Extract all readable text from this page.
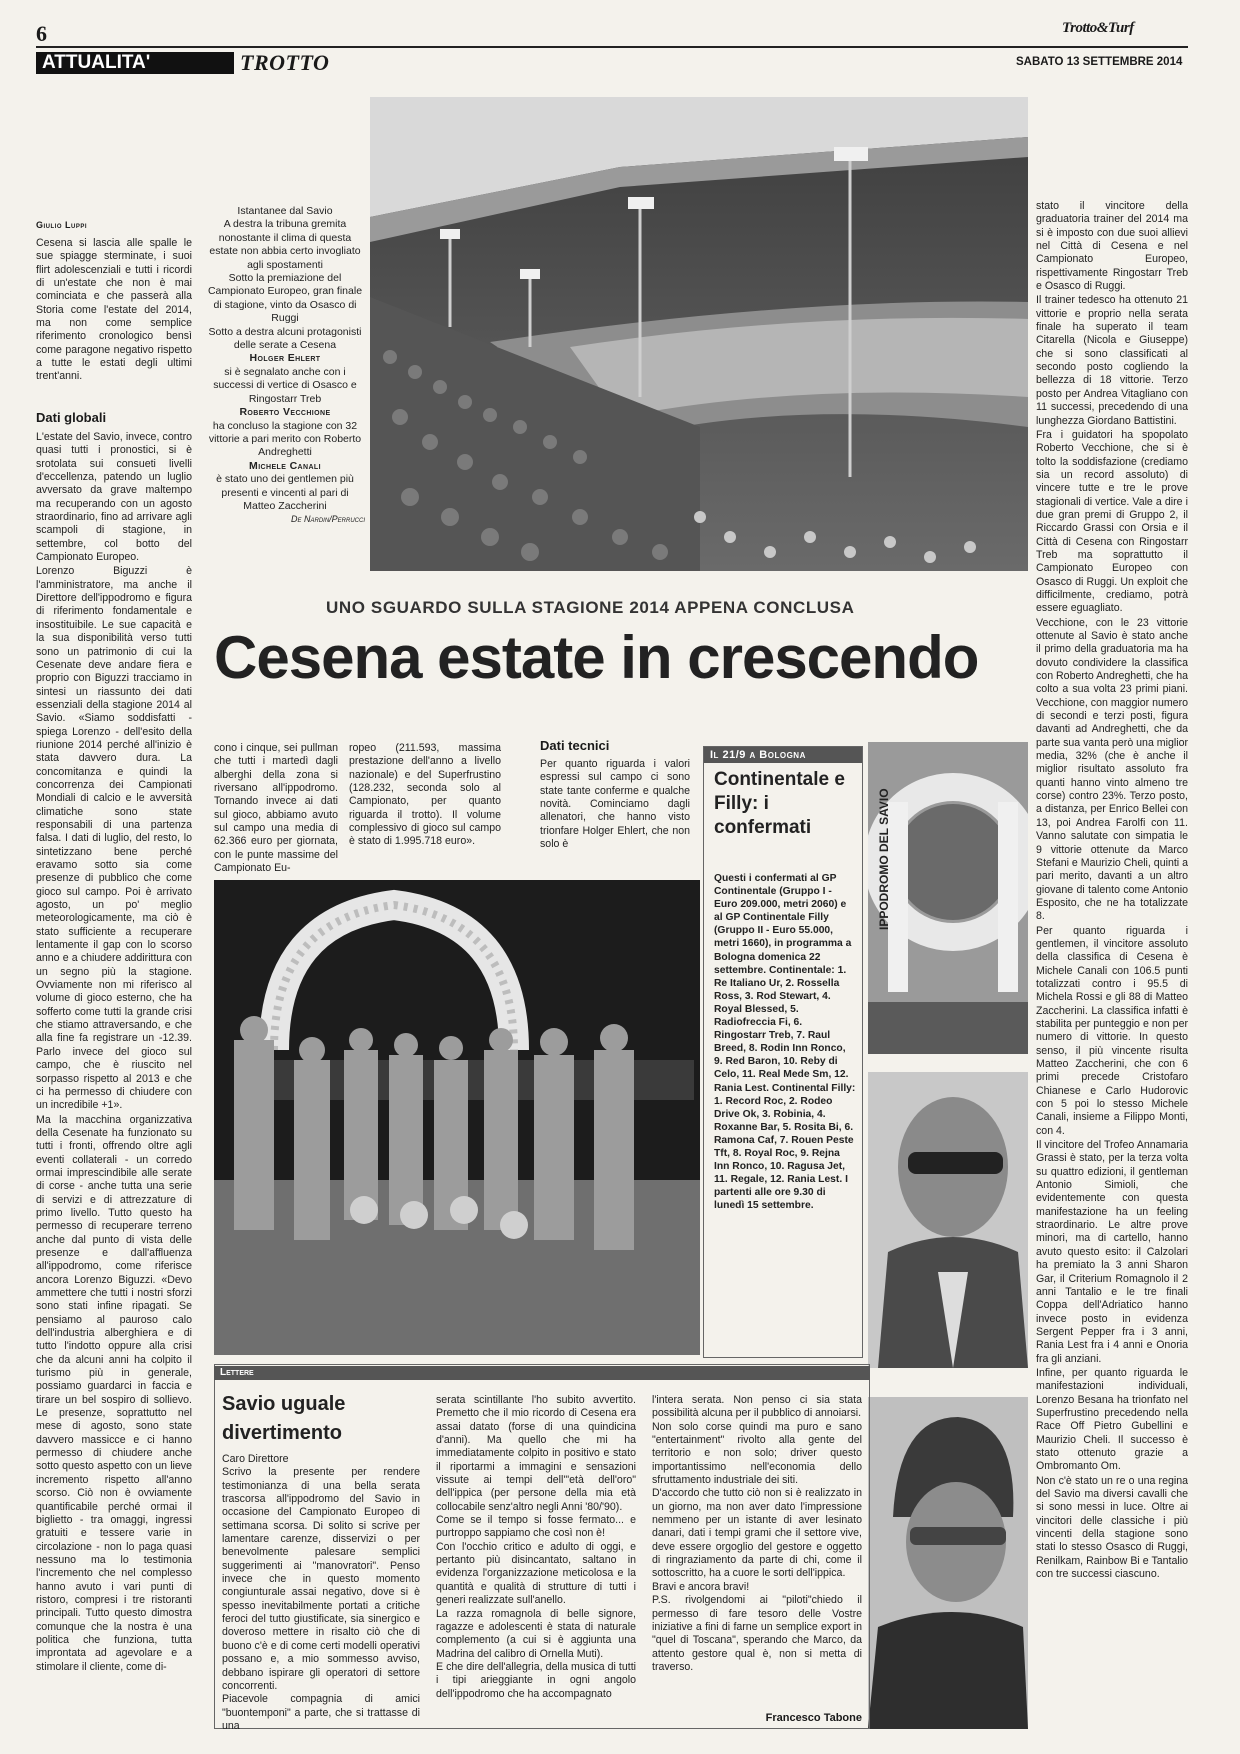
6	Trotto&Turf
ATTUALITA'	TROTTO	SABATO 13 SETTEMBRE 2014
Giulio Luppi
Cesena si lascia alle spalle le sue spiagge sterminate, i suoi flirt adolescenziali e tutti i ricordi di un'estate che non è mai cominciata e che passerà alla Storia come l'estate del 2014, ma non come semplice riferimento cronologico bensì come paragone negativo rispetto a tutte le estati degli ultimi trent'anni.
Dati globali

L'estate del Savio, invece, contro quasi tutti i pronostici, si è srotolata sui consueti livelli d'eccellenza, patendo un luglio avversato da grave maltempo ma recuperando con un agosto straordinario, fino ad arrivare agli scampoli di stagione, in settembre, col botto del Campionato Europeo.

Lorenzo Biguzzi è l'amministratore, ma anche il Direttore dell'ippodromo e figura di riferimento fondamentale e insostituibile. Le sue capacità e la sua disponibilità verso tutti sono un patrimonio di cui la Cesenate deve andare fiera e proprio con Biguzzi tracciamo in sintesi un riassunto dei dati essenziali della stagione 2014 al Savio. «Siamo soddisfatti - spiega Lorenzo - dell'esito della riunione 2014 perché all'inizio è stata davvero dura. La concomitanza e quindi la concorrenza dei Campionati Mondiali di calcio e le avversità climatiche sono state responsabili di una partenza falsa. I dati di luglio, del resto, lo sintetizzano bene perché eravamo sotto sia come presenze di pubblico che come gioco sul campo. Poi è arrivato agosto, un po' meglio meteorologicamente, ma ciò è stato sufficiente a recuperare lentamente il gap con lo scorso anno e a chiudere addirittura con un segno più la stagione. Ovviamente non mi riferisco al volume di gioco esterno, che ha sofferto come tutti la grande crisi che stiamo attraversando, e che alla fine fa registrare un -12.39. Parlo invece del gioco sul campo, che è riuscito nel sorpasso rispetto al 2013 e che ci ha permesso di chiudere con un incredibile +1».

Ma la macchina organizzativa della Cesenate ha funzionato su tutti i fronti, offrendo oltre agli eventi collaterali - un corredo ormai imprescindibile alle serate di corse - anche tutta una serie di servizi e di attrezzature di primo livello. Tutto questo ha permesso di recuperare terreno anche dal punto di vista delle presenze e dall'affluenza all'ippodromo, come riferisce ancora Lorenzo Biguzzi. «Devo ammettere che tutti i nostri sforzi sono stati infine ripagati. Se pensiamo al pauroso calo dell'industria alberghiera e di tutto l'indotto oppure alla crisi che da alcuni anni ha colpito il turismo più in generale, possiamo guardarci in faccia e tirare un bel sospiro di sollievo. Le presenze, soprattutto nel mese di agosto, sono state davvero massicce e ci hanno permesso di chiudere anche sotto questo aspetto con un lieve incremento rispetto all'anno scorso. Ciò non è ovviamente quantificabile perché ormai il biglietto - tra omaggi, ingressi gratuiti e tessere varie in circolazione - non lo paga quasi nessuno ma lo testimonia l'incremento che nel complesso hanno avuto i vari punti di ristoro, compresi i tre ristoranti principali. Tutto questo dimostra comunque che la nostra è una politica che funziona, tutta improntata ad agevolare e a stimolare il cliente, come di-

Istantanee dal Savio
A destra la tribuna gremita nonostante il clima di questa estate non abbia certo invogliato agli spostamenti
Sotto la premiazione del Campionato Europeo, gran finale di stagione, vinto da Osasco di Ruggi
Sotto a destra alcuni protagonisti delle serate a Cesena
Holger Ehlert
si è segnalato anche con i successi di vertice di Osasco e Ringostarr Treb
Roberto Vecchione
ha concluso la stagione con 32 vittorie a pari merito con Roberto Andreghetti
Michele Canali
è stato uno dei gentlemen più presenti e vincenti al pari di Matteo Zaccherini
De Nardin/Perrucci
UNO SGUARDO SULLA STAGIONE 2014 APPENA CONCLUSA
Cesena estate in crescendo
cono i cinque, sei pullman che tutti i martedì dagli alberghi della zona si riversano all'ippodromo. Tornando invece ai dati sul gioco, abbiamo avuto sul campo una media di 62.366 euro per giornata, con le punte massime del Campionato Eu-
ropeo (211.593, massima prestazione dell'anno a livello nazionale) e del Superfrustino (128.232, seconda solo al Campionato, per quanto riguarda il trotto). Il volume complessivo di gioco sul campo è stato di 1.995.718 euro».
Dati tecnici
Per quanto riguarda i valori espressi sul campo ci sono state tante conferme e qualche novità. Cominciamo dagli allenatori, che hanno visto trionfare Holger Ehlert, che non solo è
Il 21/9 a Bologna
Continentale e Filly: i confermati
Questi i confermati al GP Continentale (Gruppo I - Euro 209.000, metri 2060) e al GP Continentale Filly (Gruppo II - Euro 55.000, metri 1660), in programma a Bologna domenica 22 settembre. Continentale: 1. Re Italiano Ur, 2. Rossella Ross, 3. Rod Stewart, 4. Royal Blessed, 5. Radiofreccia Fi, 6. Ringostarr Treb, 7. Raul Breed, 8. Rodin Inn Ronco, 9. Red Baron, 10. Reby di Celo, 11. Real Mede Sm, 12. Rania Lest. Continental Filly: 1. Record Roc, 2. Rodeo Drive Ok, 3. Robinia, 4. Roxanne Bar, 5. Rosita Bi, 6. Ramona Caf, 7. Rouen Peste Tft, 8. Royal Roc, 9. Rejna Inn Ronco, 10. Ragusa Jet, 11. Regale, 12. Rania Lest. I partenti alle ore 9.30 di lunedì 15 settembre.
IPPODROMO DEL SAVIO

stato il vincitore della graduatoria trainer del 2014 ma si è imposto con due suoi allievi nel Città di Cesena e nel Campionato Europeo, rispettivamente Ringostarr Treb e Osasco di Ruggi.

Il trainer tedesco ha ottenuto 21 vittorie e proprio nella serata finale ha superato il team Citarella (Nicola e Giuseppe) che si sono classificati al secondo posto cogliendo la bellezza di 18 vittorie. Terzo posto per Andrea Vitagliano con 11 successi, precedendo di una lunghezza Giordano Battistini.

Fra i guidatori ha spopolato Roberto Vecchione, che si è tolto la soddisfazione (crediamo sia un record assoluto) di vincere tutte e tre le prove stagionali di vertice. Vale a dire i due gran premi di Gruppo 2, il Riccardo Grassi con Orsia e il Città di Cesena con Ringostarr Treb ma soprattutto il Campionato Europeo con Osasco di Ruggi. Un exploit che difficilmente, crediamo, potrà essere eguagliato.

Vecchione, con le 23 vittorie ottenute al Savio è stato anche il primo della graduatoria ma ha dovuto condividere la classifica con Roberto Andreghetti, che ha colto a sua volta 23 primi piani. Vecchione, con maggior numero di secondi e terzi posti, figura davanti ad Andreghetti, che da parte sua vanta però una miglior media, 32% (che è anche il miglior risultato assoluto fra quanti hanno vinto almeno tre corse) contro 23%. Terzo posto, a distanza, per Enrico Bellei con 13, poi Andrea Farolfi con 11. Vanno salutate con simpatia le 9 vittorie ottenute da Marco Stefani e Maurizio Cheli, quinti a pari merito, davanti a un altro giovane di talento come Antonio Esposito, che ne ha totalizzate 8.

Per quanto riguarda i gentlemen, il vincitore assoluto della classifica di Cesena è Michele Canali con 106.5 punti totalizzati contro i 95.5 di Michela Rossi e gli 88 di Matteo Zaccherini. La classifica infatti è stabilita per punteggio e non per numero di vittorie. In questo senso, il più vincente risulta Matteo Zaccherini, che con 6 primi precede Cristofaro Chianese e Carlo Hudorovic con 5 poi lo stesso Michele Canali, insieme a Filippo Monti, con 4.

Il vincitore del Trofeo Annamaria Grassi è stato, per la terza volta su quattro edizioni, il gentleman Antonio Simioli, che evidentemente con questa manifestazione ha un feeling straordinario. Le altre prove minori, ma di cartello, hanno avuto questo esito: il Calzolari ha premiato la 3 anni Sharon Gar, il Criterium Romagnolo il 2 anni Tantalio e le tre finali Coppa dell'Adriatico hanno invece posto in evidenza Sergent Pepper fra i 3 anni, Rania Lest fra i 4 anni e Onoria fra gli anziani.

Infine, per quanto riguarda le manifestazioni individuali, Lorenzo Besana ha trionfato nel Superfrustino precedendo nella Race Off Pietro Gubellini e Maurizio Cheli. Il successo è stato ottenuto grazie a Ombromanto Om.

Non c'è stato un re o una regina del Savio ma diversi cavalli che si sono messi in luce. Oltre ai vincitori delle classiche i più vincenti della stagione sono stati lo stesso Osasco di Ruggi, Renilkam, Rainbow Bi e Tantalio con tre successi ciascuno.

Lettere
Savio uguale divertimento
Caro Direttore
Scrivo la presente per rendere testimonianza di una bella serata trascorsa all'ippodromo del Savio in occasione del Campionato Europeo di settimana scorsa. Di solito si scrive per lamentare carenze, disservizi o per benevolmente palesare semplici suggerimenti ai "manovratori". Penso invece che in questo momento congiunturale assai negativo, dove si è spesso inevitabilmente portati a critiche feroci del tutto giustificate, sia sinergico e doveroso mettere in risalto ciò che di buono c'è e di come certi modelli operativi possano e, a mio sommesso avviso, debbano ispirare gli operatori di settore concorrenti.
Piacevole compagnia di amici "buontemponi" a parte, che si trattasse di una
serata scintillante l'ho subito avvertito. Premetto che il mio ricordo di Cesena era assai datato (forse di una quindicina d'anni). Ma quello che mi ha immediatamente colpito in positivo e stato il riportarmi a immagini e sensazioni vissute ai tempi dell'"età dell'oro" dell'ippica (per persone della mia età collocabile senz'altro negli Anni '80/'90).
Come se il tempo si fosse fermato... e purtroppo sappiamo che così non è!
Con l'occhio critico e adulto di oggi, e pertanto più disincantato, saltano in evidenza l'organizzazione meticolosa e la quantità e qualità di strutture di tutti i generi realizzate sull'anello.
La razza romagnola di belle signore, ragazze e adolescenti è stata di naturale complemento (a cui si è aggiunta una Madrina del calibro di Ornella Muti).
E che dire dell'allegria, della musica di tutti i tipi arieggiante in ogni angolo dell'ippodromo che ha accompagnato
l'intera serata. Non penso ci sia stata possibilità alcuna per il pubblico di annoiarsi.
Non solo corse quindi ma puro e sano "entertainment" rivolto alla gente del territorio e non solo; driver questo importantissimo nell'economia dello sfruttamento industriale dei siti.
D'accordo che tutto ciò non si è realizzato in un giorno, ma non aver dato l'impressione nemmeno per un istante di aver lesinato danari, dati i tempi grami che il settore vive, deve essere orgoglio del gestore e oggetto di ringraziamento da parte di chi, come il sottoscritto, ha a cuore le sorti dell'ippica.
Bravi e ancora bravi!
P.S. rivolgendomi ai "piloti"chiedo il permesso di fare tesoro delle Vostre iniziative a fini di farne un semplice export in "quel di Toscana", sperando che Marco, da attento gestore qual è, non si metta di traverso.
Francesco Tabone
